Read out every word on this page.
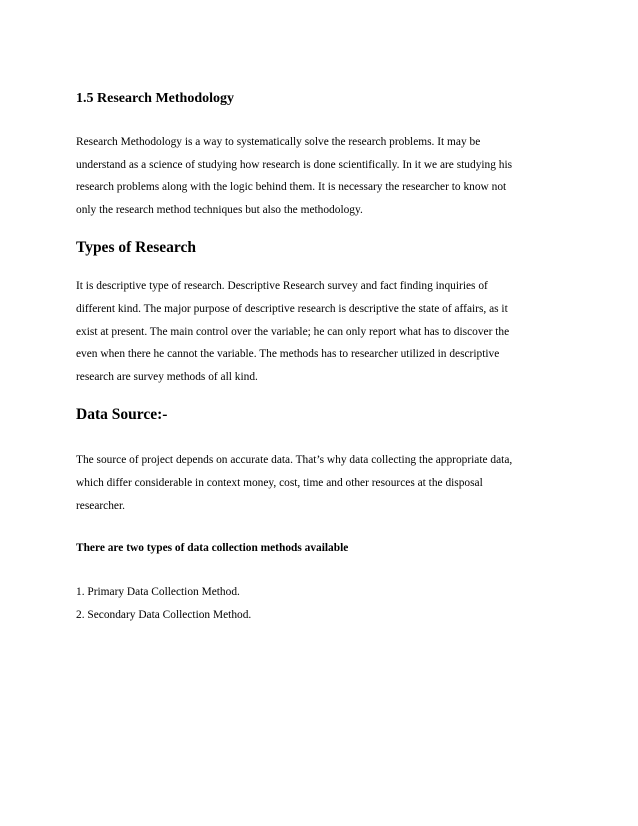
1.5 Research Methodology

Research Methodology is a way to systematically solve the research problems. It may be
understand as a science of studying how research is done scientifically. In it we are studying his
research problems along with the logic behind them. It is necessary the researcher to know not
only the research method techniques but also the methodology.

Types of Research

It is descriptive type of research. Descriptive Research survey and fact finding inquiries of
different kind. The major purpose of descriptive research is descriptive the state of affairs, as it
exist at present. The main control over the variable; he can only report what has to discover the
even when there he cannot the variable. The methods has to researcher utilized in descriptive
research are survey methods of all kind.

Data Source:-

The source of project depends on accurate data. That’s why data collecting the appropriate data,
which differ considerable in context money, cost, time and other resources at the disposal
researcher.

There are two types of data collection methods available

1. Primary Data Collection Method.
2. Secondary Data Collection Method.
